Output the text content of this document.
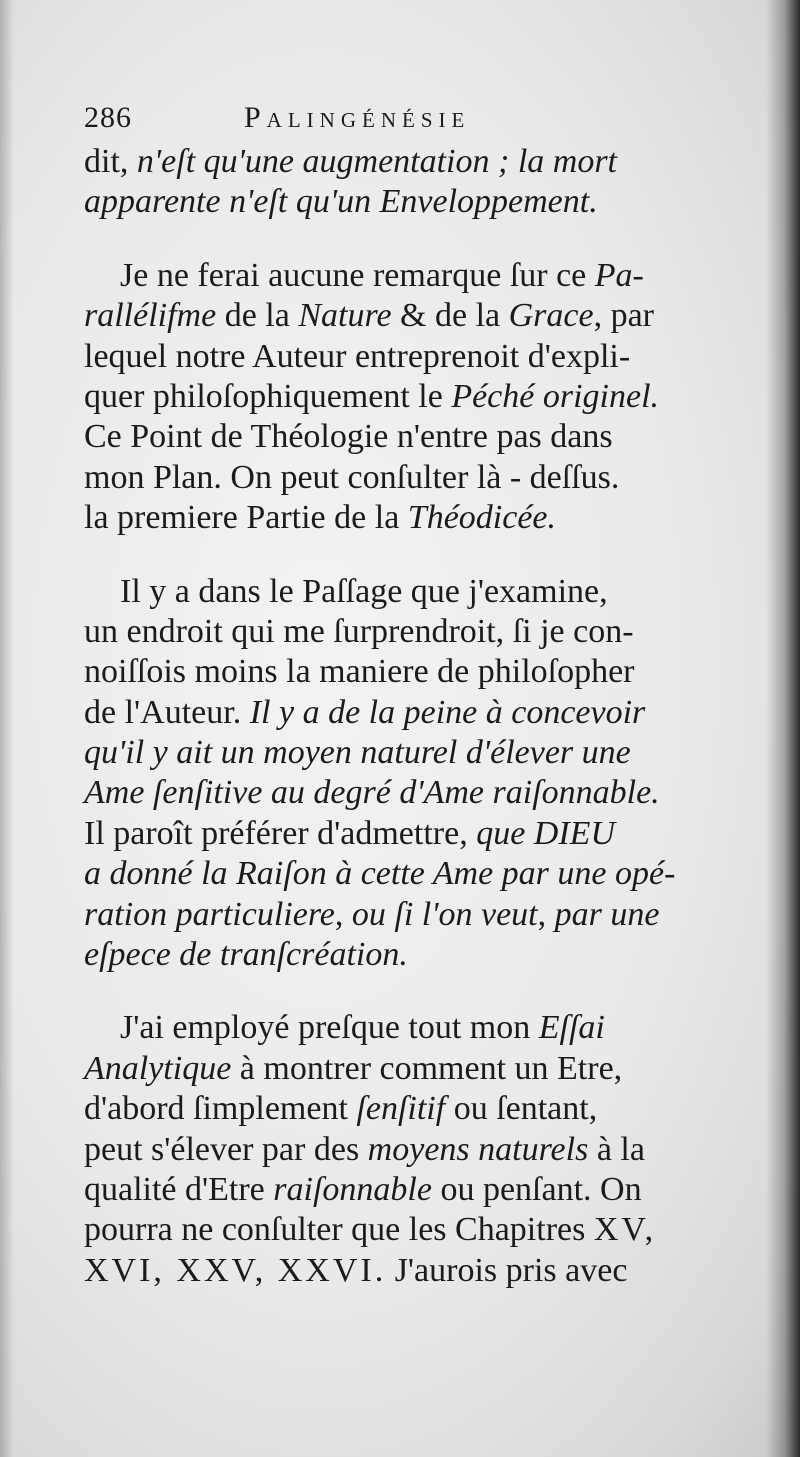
286	Palingénésie
dit, n'eſt qu'une augmentation ; la mort
apparente n'eſt qu'un Enveloppement.
Je ne ferai aucune remarque ſur ce Pa-
rallélifme de la Nature & de la Grace, par
lequel notre Auteur entreprenoit d'expli-
quer philoſophiquement le Péché originel.
Ce Point de Théologie n'entre pas dans
mon Plan. On peut conſulter là - deſſus.
la premiere Partie de la Théodicée.
Il y a dans le Paſſage que j'examine,
un endroit qui me ſurprendroit, ſi je con-
noiſſois moins la maniere de philoſopher
de l'Auteur. Il y a de la peine à concevoir
qu'il y ait un moyen naturel d'élever une
Ame ſenſitive au degré d'Ame raiſonnable.
Il paroît préférer d'admettre, que DIEU
a donné la Raiſon à cette Ame par une opé-
ration particuliere, ou ſi l'on veut, par une
eſpece de tranſcréation.
J'ai employé preſque tout mon Eſſai
Analytique à montrer comment un Etre,
d'abord ſimplement ſenſitif ou ſentant,
peut s'élever par des moyens naturels à la
qualité d'Etre raiſonnable ou penſant. On
pourra ne conſulter que les Chapitres XV,
XVI, XXV, XXVI. J'aurois pris avec
